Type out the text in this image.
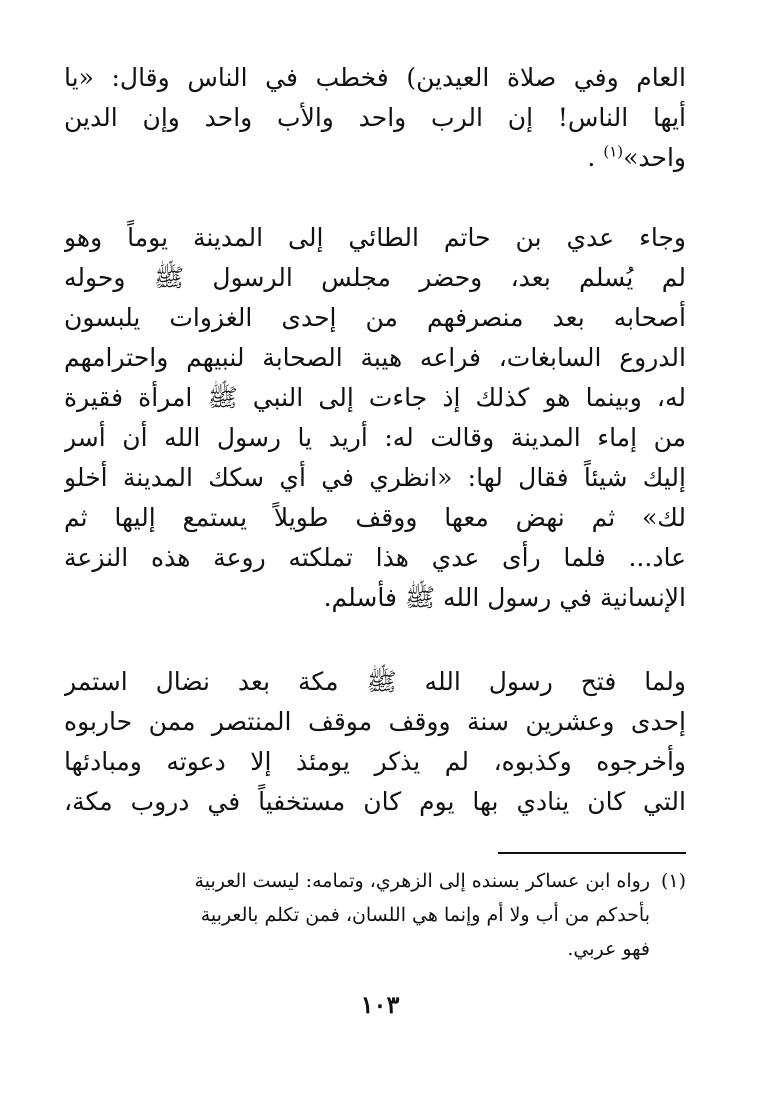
العام وفي صلاة العيدين) فخطب في الناس وقال: «يا
أيها الناس! إن الرب واحد والأب واحد وإن الدين
واحد»$^{(١)}$ .
وجاء عدي بن حاتم الطائي إلى المدينة يوماً وهو
لم يُسلم بعد، وحضر مجلس الرسول ﷺ وحوله
أصحابه بعد منصرفهم من إحدى الغزوات يلبسون
الدروع السابغات، فراعه هيبة الصحابة لنبيهم واحترامهم
له، وبينما هو كذلك إذ جاءت إلى النبي ﷺ امرأة فقيرة
من إماء المدينة وقالت له: أريد يا رسول الله أن أسر
إليك شيئاً فقال لها: «انظري في أي سكك المدينة أخلو
لك» ثم نهض معها ووقف طويلاً يستمع إليها ثم
عاد... فلما رأى عدي هذا تملكته روعة هذه النزعة
الإنسانية في رسول الله ﷺ فأسلم.
ولما فتح رسول الله ﷺ مكة بعد نضال استمر
إحدى وعشرين سنة ووقف موقف المنتصر ممن حاربوه
وأخرجوه وكذبوه، لم يذكر يومئذ إلا دعوته ومبادئها
التي كان ينادي بها يوم كان مستخفياً في دروب مكة،
(١)رواه ابن عساكر بسنده إلى الزهري، وتمامه: ليست العربية
بأحدكم من أب ولا أم وإنما هي اللسان، فمن تكلم بالعربية
فهو عربي.
١٠٣
